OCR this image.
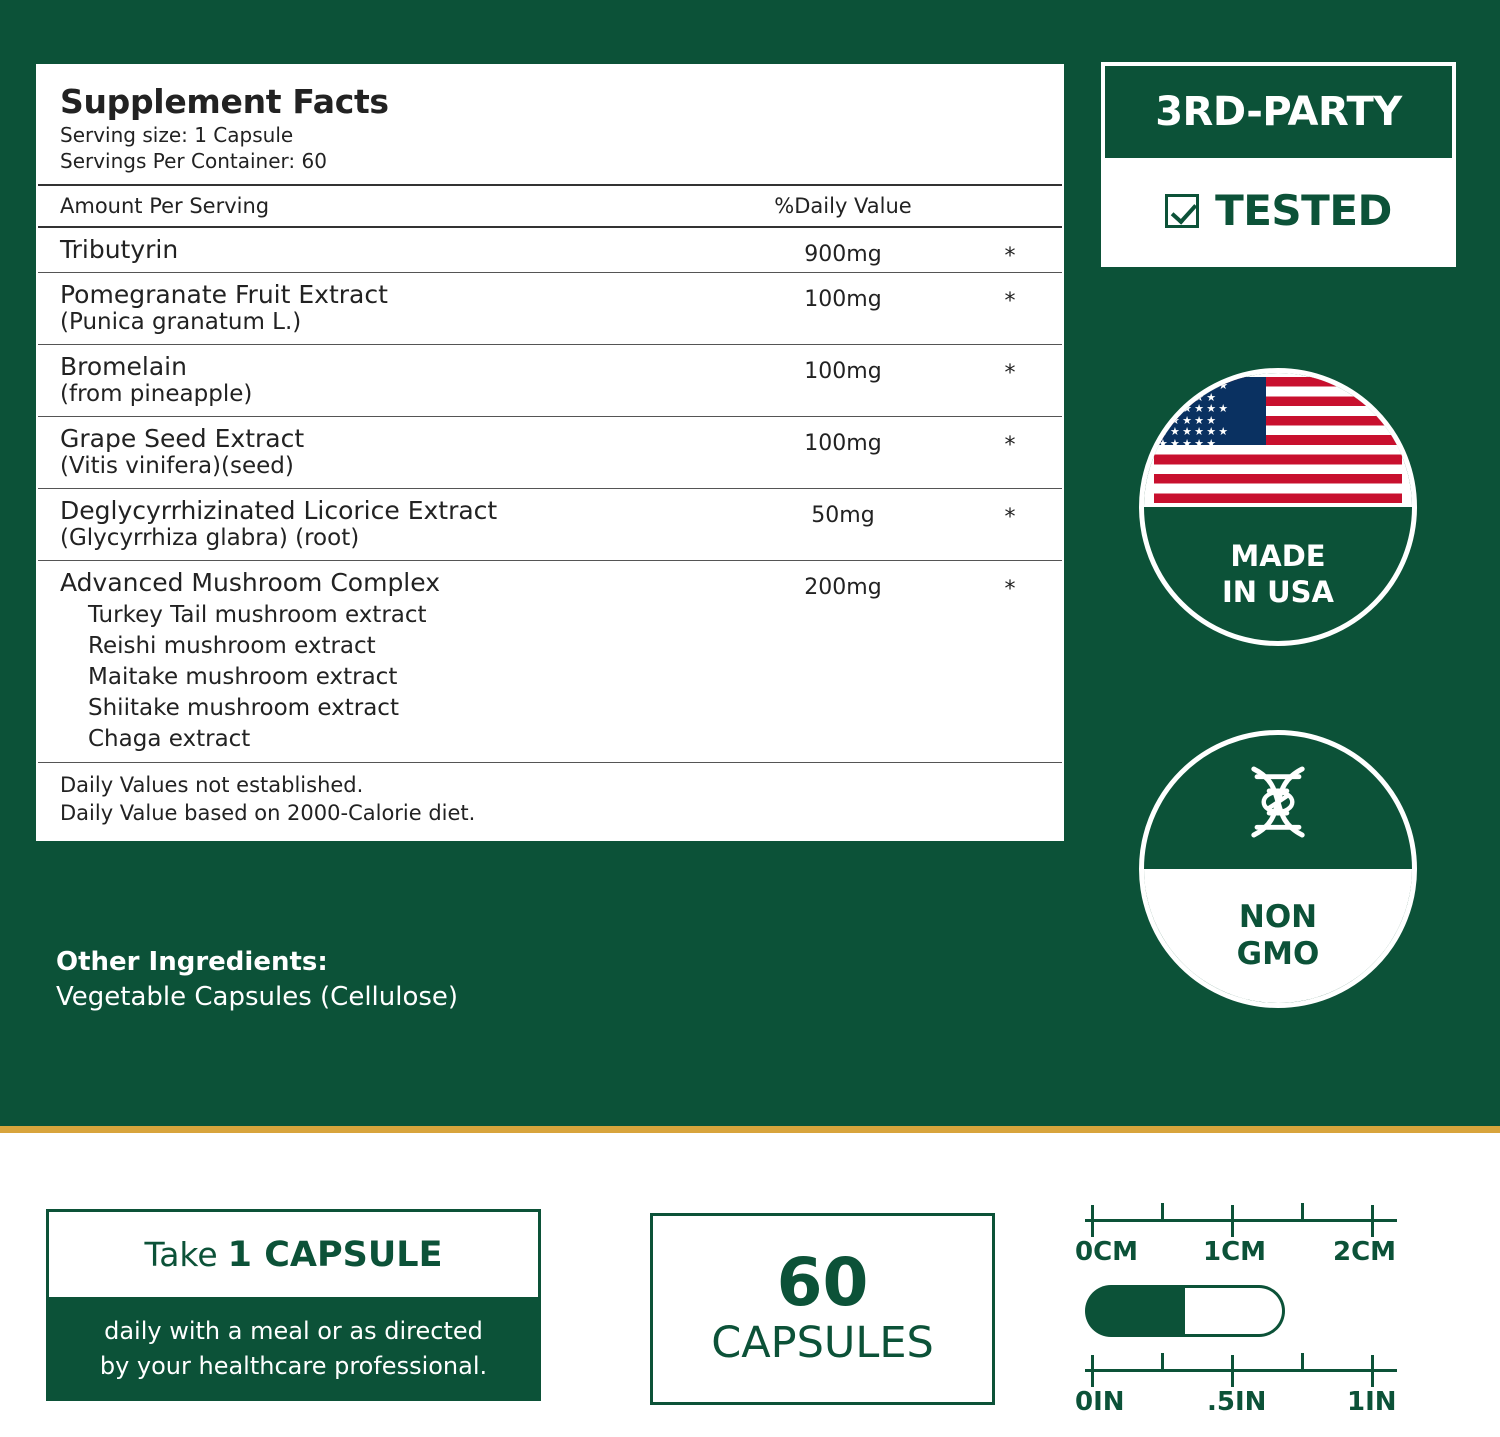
Supplement Facts
Serving size: 1 Capsule
Servings Per Container: 60
Amount Per Serving	%Daily Value
Tributyrin	900mg	*
Pomegranate Fruit Extract
(Punica granatum L.)
100mg	*
Bromelain
(from pineapple)
100mg	*
Grape Seed Extract
(Vitis vinifera)(seed)
100mg	*
Deglycyrrhizinated Licorice Extract
(Glycyrrhiza glabra) (root)
50mg	*
Advanced Mushroom Complex
Turkey Tail mushroom extract
Reishi mushroom extract
Maitake mushroom extract
Shiitake mushroom extract
Chaga extract
200mg	*
Daily Values not established.
Daily Value based on 2000-Calorie diet.
Other Ingredients:
Vegetable Capsules (Cellulose)
3RD-PARTY
TESTED
★★★★★★
★★★★★
★★★★★★
★★★★★
★★★★★★
★★★★★
MADE
IN USA
NON
GMO
Take 1 CAPSULE
daily with a meal or as directed
by your healthcare professional.
60
CAPSULES
0CM 1CM	2CM
0IN	.5IN	1IN
